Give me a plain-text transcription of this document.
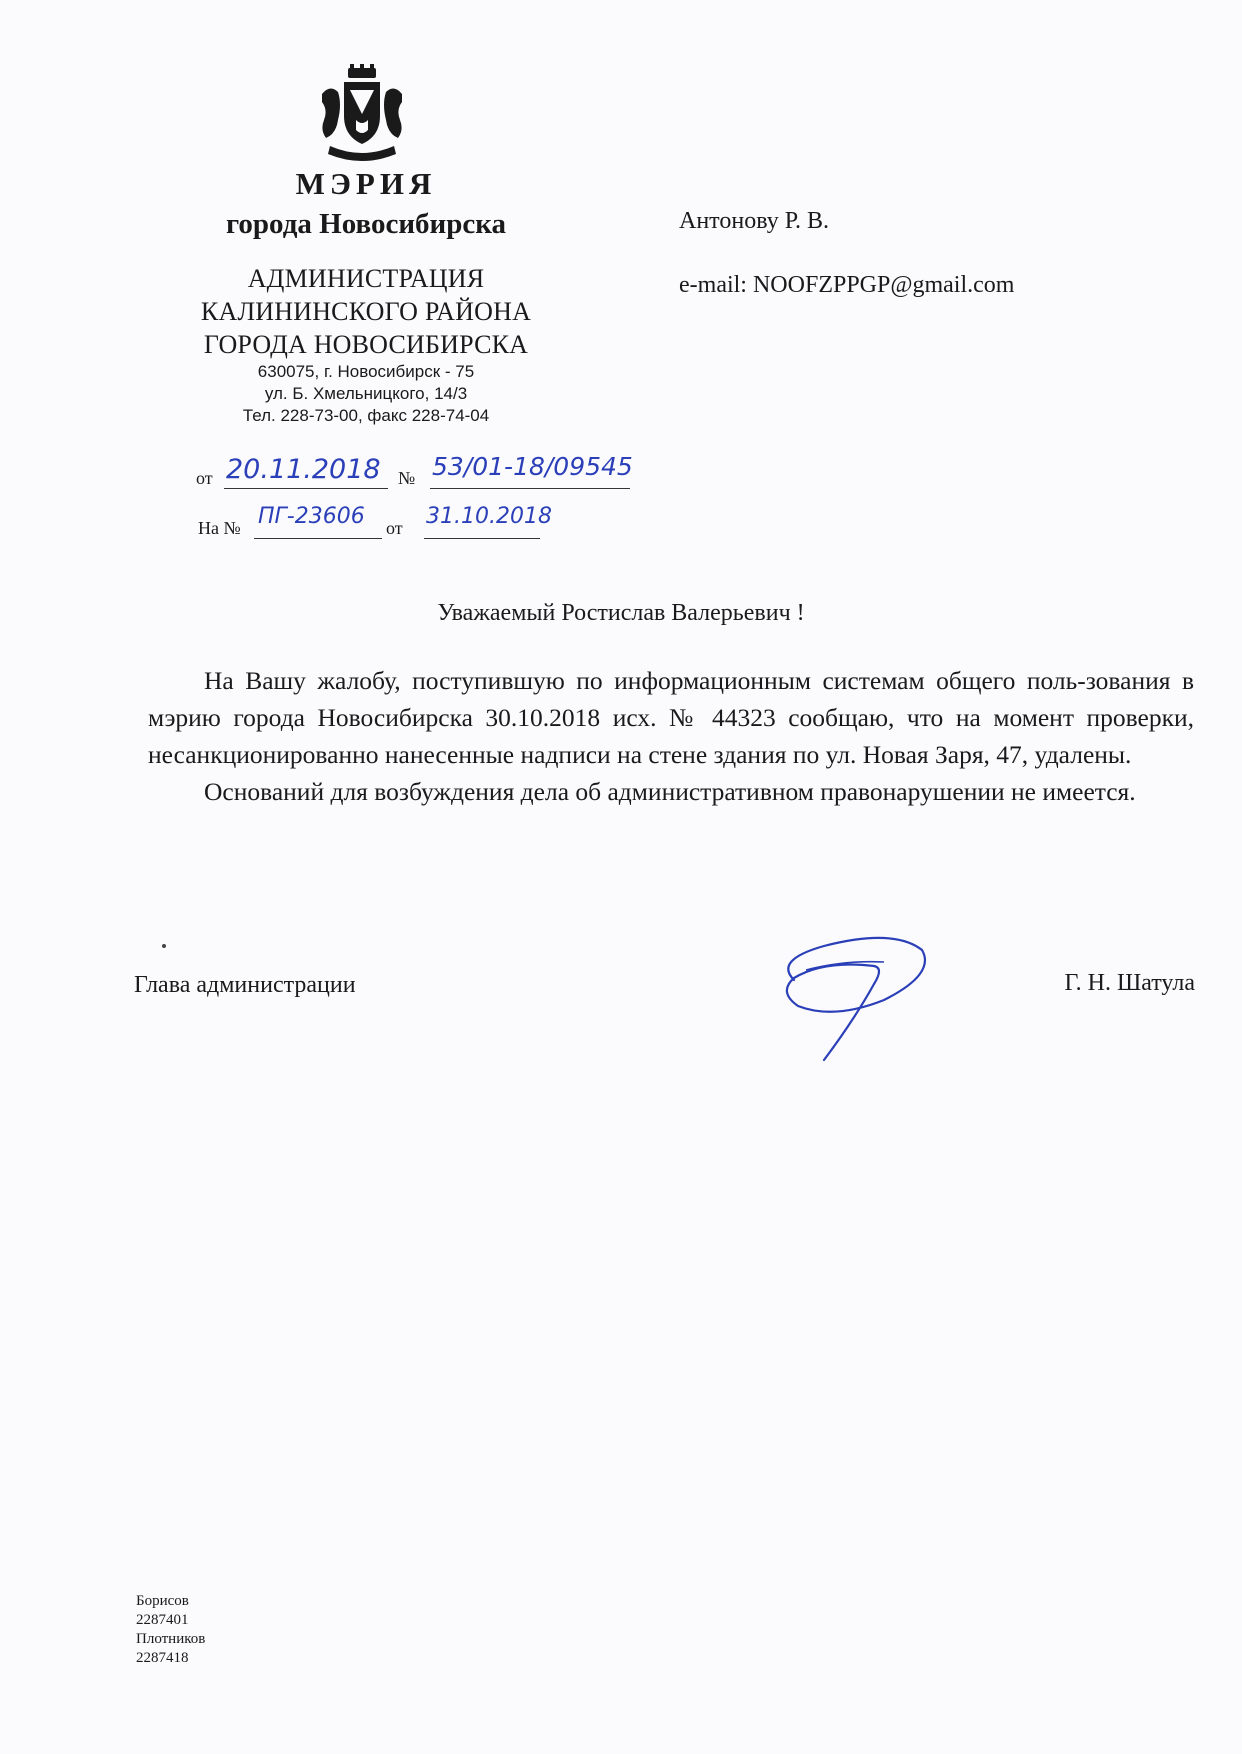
МЭРИЯ
города Новосибирска
АДМИНИСТРАЦИЯ
КАЛИНИНСКОГО РАЙОНА
ГОРОДА НОВОСИБИРСКА
630075, г. Новосибирск - 75
ул. Б. Хмельницкого, 14/3
Тел. 228-73-00, факс 228-74-04
от 20.11.2018 № 53/01-18/09545
На № ПГ-23606 от 31.10.2018
Антонову Р. В.
e-mail: NOOFZPPGP@gmail.com
Уважаемый Ростислав Валерьевич !

На Вашу жалобу, поступившую по информационным системам общего поль-зования в мэрию города Новосибирска 30.10.2018 исх. № 44323 сообщаю, что на момент проверки, несанкционированно нанесенные надписи на стене здания по ул. Новая Заря, 47, удалены.

Оснований для возбуждения дела об административном правонарушении не имеется.

Глава администрации	Г. Н. Шатула
Борисов
2287401
Плотников
2287418
